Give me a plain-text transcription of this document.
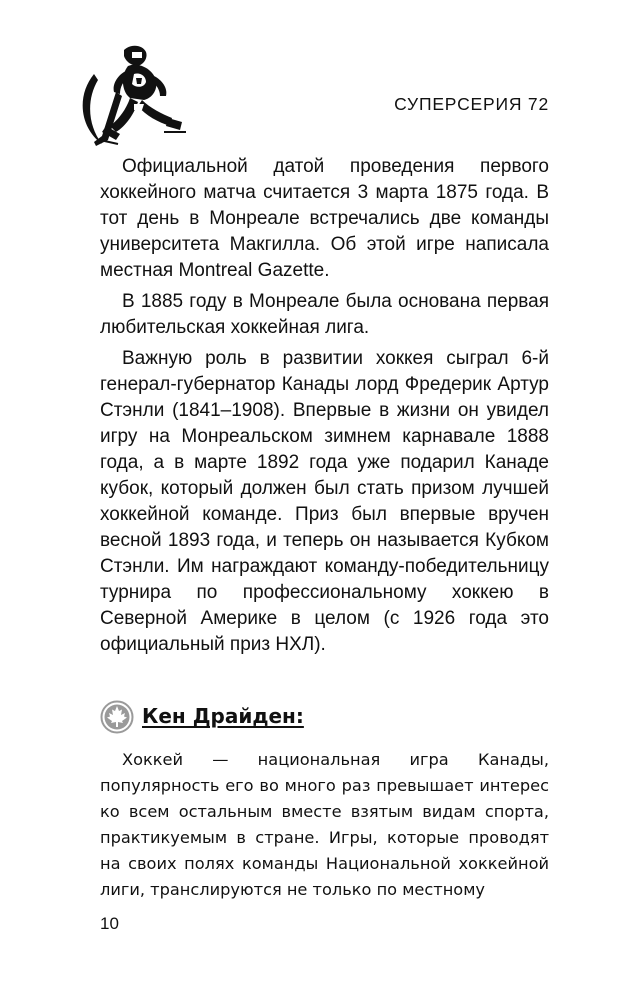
СУПЕРСЕРИЯ 72

Официальной датой проведения первого хоккейного матча считается 3 марта 1875 года. В тот день в Монреале встречались две команды университета Макгилла. Об этой игре написала местная Montreal Gazette.

В 1885 году в Монреале была основана первая любительская хоккейная лига.

Важную роль в развитии хоккея сыграл 6-й генерал-губернатор Канады лорд Фредерик Артур Стэнли (1841–1908). Впервые в жизни он увидел игру на Монреальском зимнем карнавале 1888 года, а в марте 1892 года уже подарил Канаде кубок, который должен был стать призом лучшей хоккейной команде. Приз был впервые вручен весной 1893 года, и теперь он называется Кубком Стэнли. Им награждают команду-победительницу турнира по профессиональному хоккею в Северной Америке в целом (с 1926 года это официальный приз НХЛ).

Кен Драйден:

Хоккей — национальная игра Канады, популярность его во много раз превышает интерес ко всем остальным вместе взятым видам спорта, практикуемым в стране. Игры, которые проводят на своих полях команды Национальной хоккейной лиги, транслируются не только по местному

10
